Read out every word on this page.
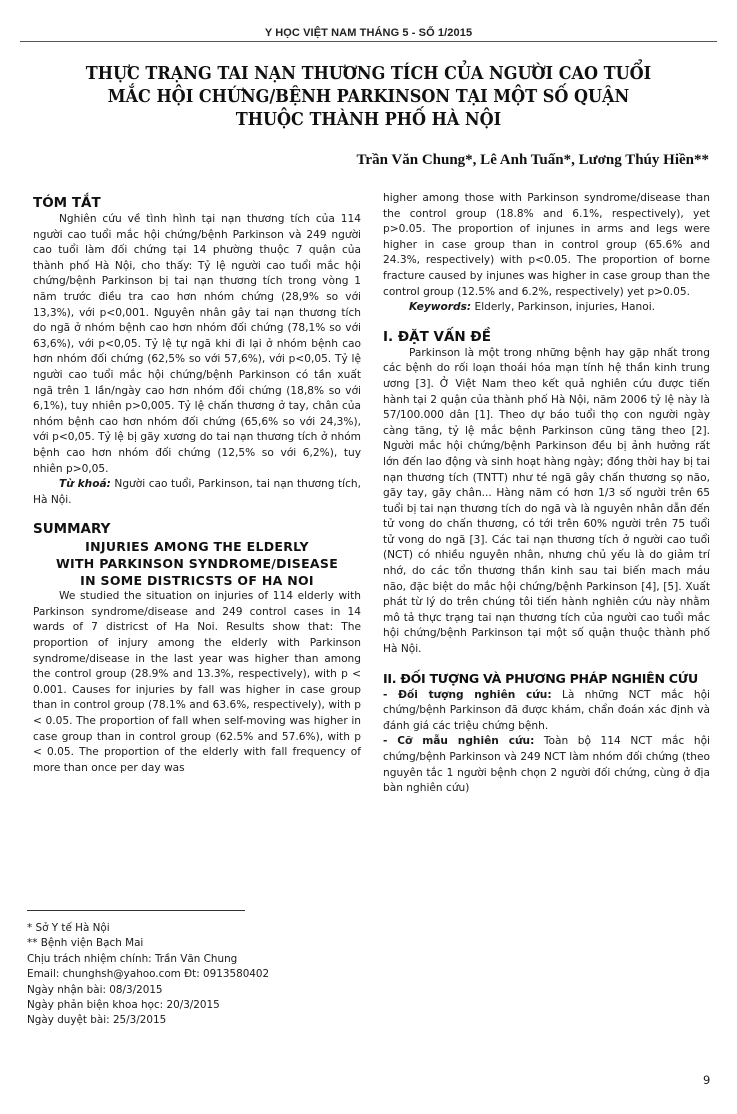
Y HỌC VIỆT NAM THÁNG 5 - SỐ 1/2015
THỰC TRẠNG TAI NẠN THƯƠNG TÍCH CỦA NGƯỜI CAO TUỔI
MẮC HỘI CHỨNG/BỆNH PARKINSON TẠI MỘT SỐ QUẬN
THUỘC THÀNH PHỐ HÀ NỘI
Trần Văn Chung*, Lê Anh Tuấn*, Lương Thúy Hiền**
TÓM TẮT

Nghiên cứu về tình hình tại nạn thương tích của 114 người cao tuổi mắc hội chứng/bệnh Parkinson và 249 người cao tuổi làm đối chứng tại 14 phường thuộc 7 quận của thành phố Hà Nội, cho thấy: Tỷ lệ người cao tuổi mắc hội chứng/bệnh Parkinson bị tai nạn thương tích trong vòng 1 năm trước điều tra cao hơn nhóm chứng (28,9% so với 13,3%), với p<0,001. Nguyên nhân gây tai nạn thương tích do ngã ở nhóm bệnh cao hơn nhóm đối chứng (78,1% so với 63,6%), với p<0,05. Tỷ lệ tự ngã khi đi lại ở nhóm bệnh cao hơn nhóm đối chứng (62,5% so với 57,6%), với p<0,05. Tỷ lệ người cao tuổi mắc hội chứng/bệnh Parkinson có tần xuất ngã trên 1 lần/ngày cao hơn nhóm đối chứng (18,8% so với 6,1%), tuy nhiên p>0,005. Tỷ lệ chấn thương ở tay, chân của nhóm bệnh cao hơn nhóm đối chứng (65,6% so với 24,3%), với p<0,05. Tỷ lệ bị gãy xương do tai nạn thương tích ở nhóm bệnh cao hơn nhóm đối chứng (12,5% so với 6,2%), tuy nhiên p>0,05.

Từ khoá: Người cao tuổi, Parkinson, tai nạn thương tích, Hà Nội.

SUMMARY
INJURIES AMONG THE ELDERLY
WITH PARKINSON SYNDROME/DISEASE
IN SOME DISTRICSTS OF HA NOI

We studied the situation on injuries of 114 elderly with Parkinson syndrome/disease and 249 control cases in 14 wards of 7 districst of Ha Noi. Results show that: The proportion of injury among the elderly with Parkinson syndrome/disease in the last year was higher than among the control group (28.9% and 13.3%, respectively), with p < 0.001. Causes for injuries by fall was higher in case group than in control group (78.1% and 63.6%, respectively), with p < 0.05. The proportion of fall when self-moving was higher in case group than in control group (62.5% and 57.6%), with p < 0.05. The proportion of the elderly with fall frequency of more than once per day was

* Sở Y tế Hà Nội
** Bệnh viện Bạch Mai
Chịu trách nhiệm chính: Trần Văn Chung
Email: chunghsh@yahoo.com Đt: 0913580402
Ngày nhận bài: 08/3/2015
Ngày phản biện khoa học: 20/3/2015
Ngày duyệt bài: 25/3/2015

higher among those with Parkinson syndrome/disease than the control group (18.8% and 6.1%, respectively), yet p>0.05. The proportion of injunes in arms and legs were higher in case group than in control group (65.6% and 24.3%, respectively) with p<0.05. The proportion of borne fracture caused by injunes was higher in case group than the control group (12.5% and 6.2%, respectively) yet p>0.05.

Keywords: Elderly, Parkinson, injuries, Hanoi.

I. ĐẶT VẤN ĐỀ

Parkinson là một trong những bệnh hay gặp nhất trong các bệnh do rối loạn thoái hóa mạn tính hệ thần kinh trung ương [3]. Ở Việt Nam theo kết quả nghiên cứu được tiến hành tại 2 quận của thành phố Hà Nội, năm 2006 tỷ lệ này là 57/100.000 dân [1]. Theo dự báo tuổi thọ con người ngày càng tăng, tỷ lệ mắc bệnh Parkinson cũng tăng theo [2]. Người mắc hội chứng/bệnh Parkinson đều bị ảnh hưởng rất lớn đến lao động và sinh hoạt hàng ngày; đồng thời hay bị tai nạn thương tích (TNTT) như té ngã gây chấn thương sọ não, gãy tay, gãy chân... Hàng năm có hơn 1/3 số người trên 65 tuổi bị tai nạn thương tích do ngã và là nguyên nhân dẫn đến tử vong do chấn thương, có tới trên 60% người trên 75 tuổi tử vong do ngã [3]. Các tai nạn thương tích ở người cao tuổi (NCT) có nhiều nguyên nhân, nhưng chủ yếu là do giảm trí nhớ, do các tổn thương thần kinh sau tai biến mach máu não, đặc biệt do mắc hội chứng/bệnh Parkinson [4], [5]. Xuất phát từ lý do trên chúng tôi tiến hành nghiên cứu này nhằm mô tả thực trạng tai nạn thương tích của người cao tuổi mắc hội chứng/bệnh Parkinson tại một số quận thuộc thành phố Hà Nội.

II. ĐỐI TƯỢNG VÀ PHƯƠNG PHÁP NGHIÊN CỨU

- Đối tượng nghiên cứu: Là những NCT mắc hội chứng/bệnh Parkinson đã được khám, chẩn đoán xác định và đánh giá các triệu chứng bệnh.

- Cỡ mẫu nghiên cứu: Toàn bộ 114 NCT mắc hội chứng/bệnh Parkinson và 249 NCT làm nhóm đối chứng (theo nguyên tắc 1 người bệnh chọn 2 người đối chứng, cùng ở địa bàn nghiên cứu)

9
